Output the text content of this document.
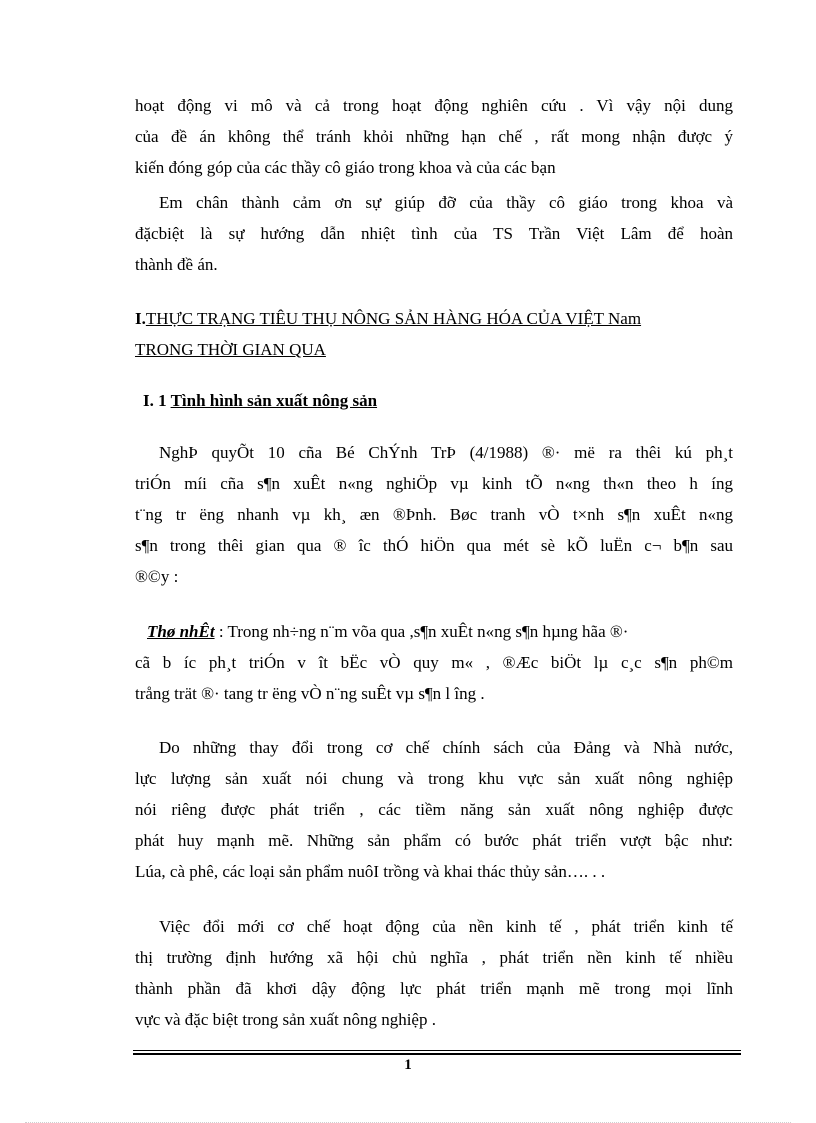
hoạt động vi mô và cả trong hoạt động nghiên cứu . Vì vậy nội dung
của đề án không thể tránh khỏi những hạn chế , rất mong nhận được ý
kiến đóng góp của các thầy cô giáo trong khoa và của các bạn
Em chân thành cảm ơn sự giúp đỡ của thầy cô giáo trong khoa và
đặcbiệt là sự hướng dẫn nhiệt tình của TS Trần Việt Lâm để hoàn
thành đề án.
I.THỰC TRẠNG TIÊU THỤ NÔNG SẢN HÀNG HÓA CỦA VIỆT Nam
TRONG THỜI GIAN QUA
I. 1 Tình hình sản xuất nông sản
NghÞ quyÕt 10 cña Bé ChÝnh TrÞ (4/1988) ®· më ra thêi kú ph¸t
triÓn míi cña s¶n xuÊt n«ng nghiÖp vµ kinh tÕ n«ng th«n theo h íng
t¨ng tr ëng nhanh vµ kh¸ æn ®Þnh. Bøc tranh vÒ t×nh s¶n xuÊt n«ng
s¶n trong thêi gian qua ® îc thÓ hiÖn qua mét sè kÕ luËn c¬ b¶n sau
®©y :
Thø nhÊt : Trong nh÷ng n¨m võa qua ,s¶n xuÊt n«ng s¶n hµng hãa ®·
cã b íc ph¸t triÓn v ît bËc vÒ quy m« , ®Æc biÖt lµ c¸c s¶n ph©m
trång trät ®· tang tr ëng vÒ n¨ng suÊt vµ s¶n l îng .
Do những thay đổi trong cơ chế chính sách của Đảng và Nhà nước,
lực lượng sản xuất nói chung và trong khu vực sản xuất nông nghiệp
nói riêng được phát triển , các tiềm năng sản xuất nông nghiệp được
phát huy mạnh mẽ. Những sản phẩm có bước phát triển vượt bậc như:
Lúa, cà phê, các loại sản phẩm nuôI trồng và khai thác thủy sản…. . .
Việc đổi mới cơ chế hoạt động của nền kinh tế , phát triển kinh tế
thị trường định hướng xã hội chủ nghĩa , phát triển nền kinh tế nhiều
thành phần đã khơi dậy động lực phát triển mạnh mẽ trong mọi lĩnh
vực và đặc biệt trong sản xuất nông nghiệp .
1
